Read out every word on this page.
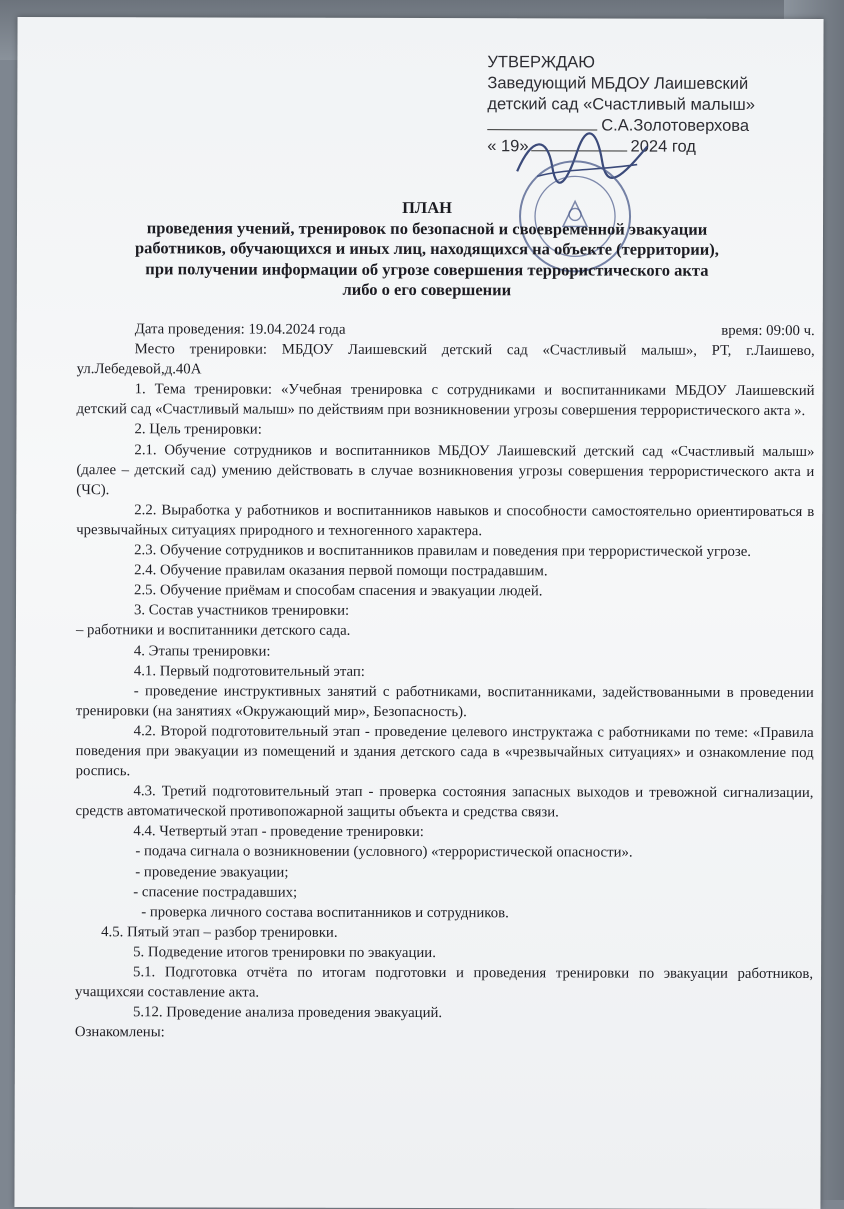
УТВЕРЖДАЮ
Заведующий МБДОУ Лаишевский
детский сад «Счастливый малыш»
С.А.Золотоверхова
« 19»	2024 год
ПЛАН
проведения учений, тренировок по безопасной и своевременной эвакуации
работников, обучающихся и иных лиц, находящихся на объекте (территории),
при получении информации об угрозе совершения террористического акта
либо о его совершении
Дата проведения: 19.04.2024 года	время: 09:00 ч.

Место тренировки: МБДОУ Лаишевский детский сад «Счастливый малыш», РТ, г.Лаишево, ул.Лебедевой,д.40А

1. Тема тренировки: «Учебная тренировка с сотрудниками и воспитанниками МБДОУ Лаишевский детский сад «Счастливый малыш» по действиям при возникновении угрозы совершения террористического акта ».

2. Цель тренировки:

2.1. Обучение сотрудников и воспитанников МБДОУ Лаишевский детский сад «Счастливый малыш» (далее – детский сад) умению действовать в случае возникновения угрозы совершения террористического акта и (ЧС).

2.2. Выработка у работников и воспитанников навыков и способности самостоятельно ориентироваться в чрезвычайных ситуациях природного и техногенного характера.

2.3. Обучение сотрудников и воспитанников правилам и поведения при террористической угрозе.

2.4. Обучение правилам оказания первой помощи пострадавшим.

2.5. Обучение приёмам и способам спасения и эвакуации людей.

3. Состав участников тренировки:

– работники и воспитанники детского сада.

4. Этапы тренировки:

4.1. Первый подготовительный этап:

- проведение инструктивных занятий с работниками, воспитанниками, задействованными в проведении тренировки (на занятиях «Окружающий мир», Безопасность).

4.2. Второй подготовительный этап - проведение целевого инструктажа с работниками по теме: «Правила поведения при эвакуации из помещений и здания детского сада в «чрезвычайных ситуациях» и ознакомление под роспись.

4.3. Третий подготовительный этап - проверка состояния запасных выходов и тревожной сигнализации, средств автоматической противопожарной защиты объекта и средства связи.

4.4. Четвертый этап - проведение тренировки:

- подача сигнала о возникновении (условного) «террористической опасности».

- проведение эвакуации;

- спасение пострадавших;

- проверка личного состава воспитанников и сотрудников.

4.5. Пятый этап – разбор тренировки.

5. Подведение итогов тренировки по эвакуации.

5.1. Подготовка отчёта по итогам подготовки и проведения тренировки по эвакуации работников, учащихсяи составление акта.

5.12. Проведение анализа проведения эвакуаций.

Ознакомлены:
